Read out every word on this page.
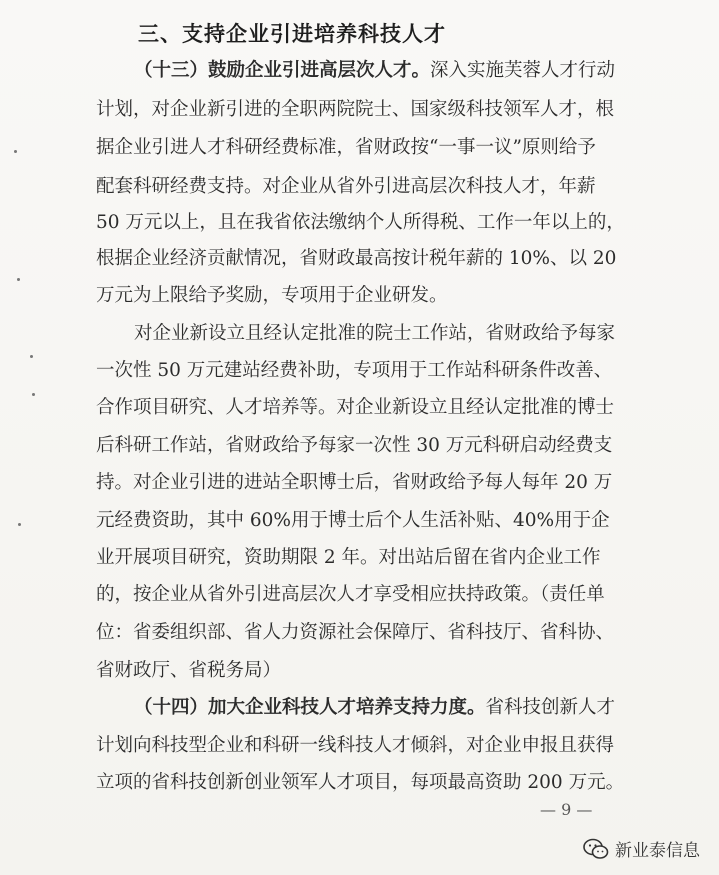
三、支持企业引进培养科技人才
（十三）鼓励企业引进高层次人才。深入实施芙蓉人才行动
计划，对企业新引进的全职两院院士、国家级科技领军人才，根
据企业引进人才科研经费标准，省财政按“一事一议”原则给予
配套科研经费支持。对企业从省外引进高层次科技人才，年薪
50 万元以上，且在我省依法缴纳个人所得税、工作一年以上的，
根据企业经济贡献情况，省财政最高按计税年薪的 10%、以 20
万元为上限给予奖励，专项用于企业研发。
对企业新设立且经认定批准的院士工作站，省财政给予每家
一次性 50 万元建站经费补助，专项用于工作站科研条件改善、
合作项目研究、人才培养等。对企业新设立且经认定批准的博士
后科研工作站，省财政给予每家一次性 30 万元科研启动经费支
持。对企业引进的进站全职博士后，省财政给予每人每年 20 万
元经费资助，其中 60%用于博士后个人生活补贴、40%用于企
业开展项目研究，资助期限 2 年。对出站后留在省内企业工作
的，按企业从省外引进高层次人才享受相应扶持政策。（责任单
位：省委组织部、省人力资源社会保障厅、省科技厅、省科协、
省财政厅、省税务局）
（十四）加大企业科技人才培养支持力度。省科技创新人才
计划向科技型企业和科研一线科技人才倾斜，对企业申报且获得
立项的省科技创新创业领军人才项目，每项最高资助 200 万元。
— 9 —
新业泰信息
